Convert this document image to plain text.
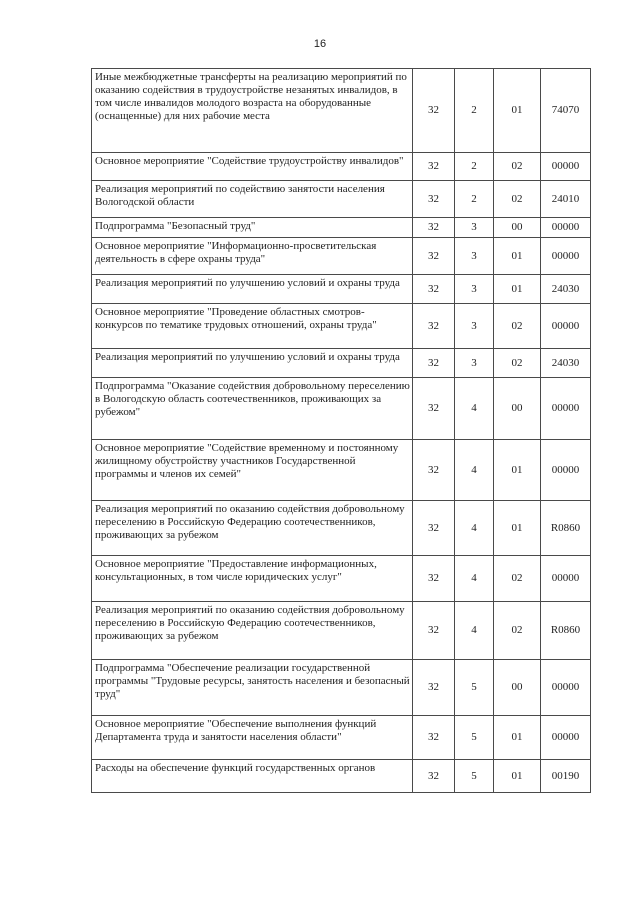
16
Иные межбюджетные трансферты на реализацию мероприятий по оказанию содействия в трудоустройстве незанятых инвалидов, в том числе инвалидов молодого возраста на оборудованные (оснащенные) для них рабочие места	32	2	01	74070
Основное мероприятие "Содействие трудоустройству инвалидов"	32	2	02	00000
Реализация мероприятий по содействию занятости населения Вологодской области	32	2	02	24010
Подпрограмма "Безопасный труд"	32	3	00	00000
Основное мероприятие "Информационно-просветительская деятельность в сфере охраны труда"	32	3	01	00000
Реализация мероприятий по улучшению условий и охраны труда	32	3	01	24030
Основное мероприятие "Проведение областных смотров-конкурсов по тематике трудовых отношений, охраны труда"	32	3	02	00000
Реализация мероприятий по улучшению условий и охраны труда	32	3	02	24030
Подпрограмма "Оказание содействия добровольному переселению в Вологодскую область соотечественников, проживающих за рубежом"	32	4	00	00000
Основное мероприятие "Содействие временному и постоянному жилищному обустройству участников Государственной программы и членов их семей"	32	4	01	00000
Реализация мероприятий по оказанию содействия добровольному переселению в Российскую Федерацию соотечественников, проживающих за рубежом	32	4	01	R0860
Основное мероприятие "Предоставление информационных, консультационных, в том числе юридических услуг"	32	4	02	00000
Реализация мероприятий по оказанию содействия добровольному переселению в Российскую Федерацию соотечественников, проживающих за рубежом	32	4	02	R0860
Подпрограмма "Обеспечение реализации государственной программы "Трудовые ресурсы, занятость населения и безопасный труд"	32	5	00	00000
Основное мероприятие "Обеспечение выполнения функций Департамента труда и занятости населения области"	32	5	01	00000
Расходы на обеспечение функций государственных органов	32	5	01	00190
